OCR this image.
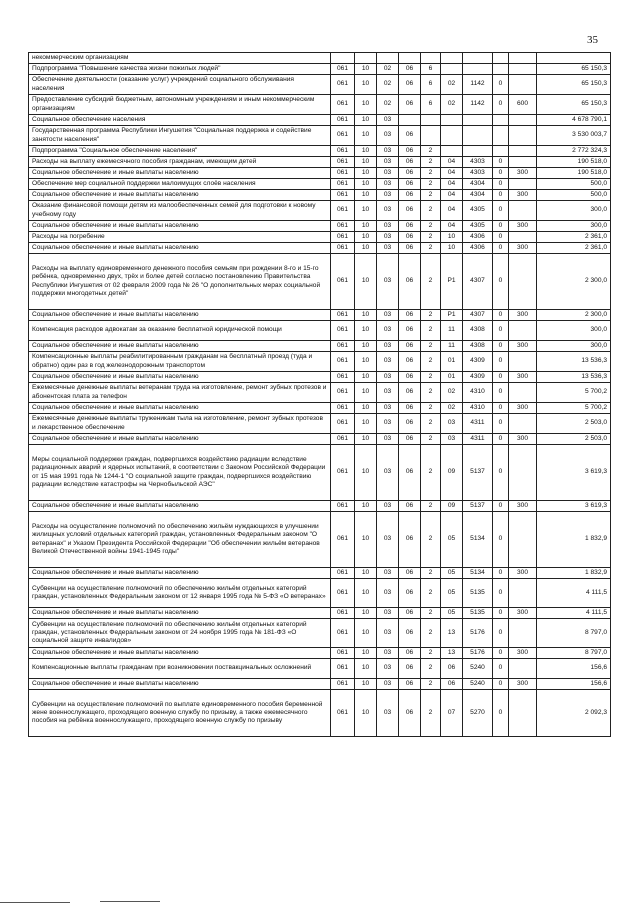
35
некоммерческим организациям										
Подпрограмма "Повышение качества жизни пожилых людей"	061	10	02	06	6					65 150,3
Обеспечение деятельности (оказание услуг) учреждений социального обслуживания населения	061	10	02	06	6	02	1142	0		65 150,3
Предоставление субсидий бюджетным, автономным учреждениям и иным некоммерческим организациям	061	10	02	06	6	02	1142	0	600	65 150,3
Социальное обеспечение населения	061	10	03							4 678 790,1
Государственная программа Республики Ингушетия "Социальная поддержка и содействие занятости населения"	061	10	03	06						3 530 003,7
Подпрограмма "Социальное обеспечение населения"	061	10	03	06	2					2 772 324,3
Расходы на выплату ежемесячного пособия гражданам, имеющим детей	061	10	03	06	2	04	4303	0		190 518,0
Социальное обеспечение и иные выплаты населению	061	10	03	06	2	04	4303	0	300	190 518,0
Обеспечение мер социальной поддержки малоимущих слоёв населения	061	10	03	06	2	04	4304	0		500,0
Социальное обеспечение и иные выплаты населению	061	10	03	06	2	04	4304	0	300	500,0
Оказание финансовой помощи детям из малообеспеченных семей для подготовки к новому учебному году	061	10	03	06	2	04	4305	0		300,0
Социальное обеспечение и иные выплаты населению	061	10	03	06	2	04	4305	0	300	300,0
Расходы на погребение	061	10	03	06	2	10	4306	0		2 361,0
Социальное обеспечение и иные выплаты населению	061	10	03	06	2	10	4306	0	300	2 361,0
Расходы на выплату единовременного денежного пособия семьям при рождении 8-го и 15-го ребёнка, одновременно двух, трёх и более детей согласно постановлению Правительства Республики Ингушетия от 02 февраля 2009 года № 26 "О дополнительных мерах социальной поддержки многодетных детей"	061	10	03	06	2	P1	4307	0		2 300,0
Социальное обеспечение и иные выплаты населению	061	10	03	06	2	P1	4307	0	300	2 300,0
Компенсация расходов адвокатам за оказание бесплатной юридической помощи	061	10	03	06	2	11	4308	0		300,0
Социальное обеспечение и иные выплаты населению	061	10	03	06	2	11	4308	0	300	300,0
Компенсационные выплаты реабилитированным гражданам на бесплатный проезд (туда и обратно) один раз в год железнодорожным транспортом	061	10	03	06	2	01	4309	0		13 536,3
Социальное обеспечение и иные выплаты населению	061	10	03	06	2	01	4309	0	300	13 536,3
Ежемесячные денежные выплаты ветеранам труда на изготовление, ремонт зубных протезов и абонентская плата за телефон	061	10	03	06	2	02	4310	0		5 700,2
Социальное обеспечение и иные выплаты населению	061	10	03	06	2	02	4310	0	300	5 700,2
Ежемесячные денежные выплаты труженикам тыла на изготовление, ремонт зубных протезов и лекарственное обеспечение	061	10	03	06	2	03	4311	0		2 503,0
Социальное обеспечение и иные выплаты населению	061	10	03	06	2	03	4311	0	300	2 503,0
Меры социальной поддержки граждан, подвергшихся воздействию радиации вследствие радиационных аварий и ядерных испытаний, в соответствии с Законом Российской Федерации от 15 мая 1991 года № 1244-1 "О социальной защите граждан, подвергшихся воздействию радиации вследствие катастрофы на Чернобыльской АЭС"	061	10	03	06	2	09	5137	0		3 619,3
Социальное обеспечение и иные выплаты населению	061	10	03	06	2	09	5137	0	300	3 619,3
Расходы на осуществление полномочий по обеспечению жильём нуждающихся в улучшении жилищных условий отдельных категорий граждан, установленных Федеральным законом "О ветеранах" и Указом Президента Российской Федерации "Об обеспечении жильём ветеранов Великой Отечественной войны 1941-1945 годы"	061	10	03	06	2	05	5134	0		1 832,9
Социальное обеспечение и иные выплаты населению	061	10	03	06	2	05	5134	0	300	1 832,9
Субвенции на осуществление полномочий по обеспечению жильём отдельных категорий граждан, установленных Федеральным законом от 12 января 1995 года № 5-ФЗ «О ветеранах»	061	10	03	06	2	05	5135	0		4 111,5
Социальное обеспечение и иные выплаты населению	061	10	03	06	2	05	5135	0	300	4 111,5
Субвенции на осуществление полномочий по обеспечению жильём отдельных категорий граждан, установленных Федеральным законом от 24 ноября 1995 года № 181-ФЗ «О социальной защите инвалидов»	061	10	03	06	2	13	5176	0		8 797,0
Социальное обеспечение и иные выплаты населению	061	10	03	06	2	13	5176	0	300	8 797,0
Компенсационные выплаты гражданам при возникновении поствакцинальных осложнений	061	10	03	06	2	06	5240	0		156,6
Социальное обеспечение и иные выплаты населению	061	10	03	06	2	06	5240	0	300	156,6
Субвенции на осуществление полномочий по выплате единовременного пособия беременной жене военнослужащего, проходящего военную службу по призыву, а также ежемесячного пособия на ребёнка военнослужащего, проходящего военную службу по призыву	061	10	03	06	2	07	5270	0		2 092,3
